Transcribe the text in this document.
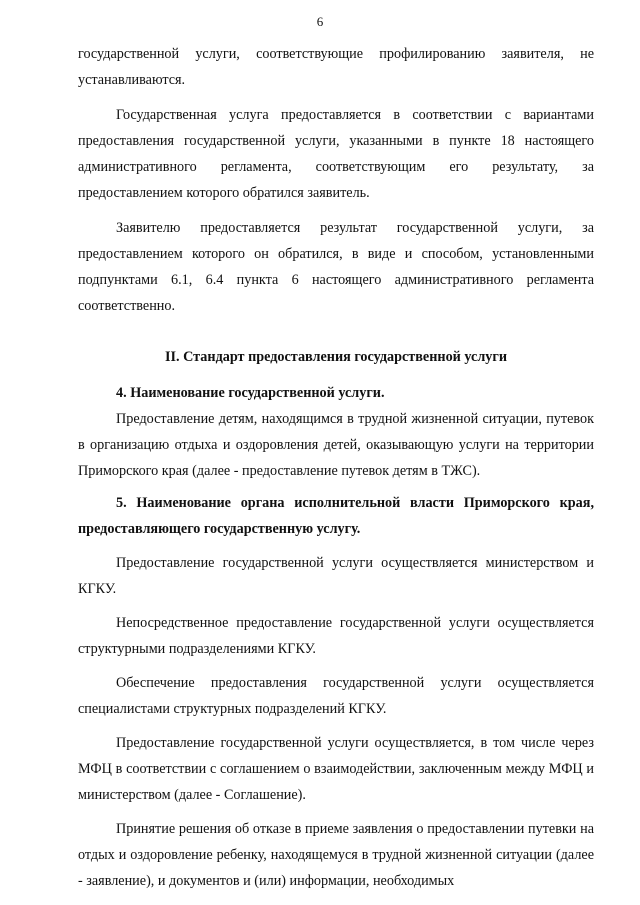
6

государственной услуги, соответствующие профилированию заявителя, не устанавливаются.

Государственная услуга предоставляется в соответствии с вариантами предоставления государственной услуги, указанными в пункте 18 настоящего административного регламента, соответствующим его результату, за предоставлением которого обратился заявитель.

Заявителю предоставляется результат государственной услуги, за предоставлением которого он обратился, в виде и способом, установленными подпунктами 6.1, 6.4 пункта 6 настоящего административного регламента соответственно.

II. Стандарт предоставления государственной услуги
4. Наименование государственной услуги.

Предоставление детям, находящимся в трудной жизненной ситуации, путевок в организацию отдыха и оздоровления детей, оказывающую услуги на территории Приморского края (далее - предоставление путевок детям в ТЖС).

5. Наименование органа исполнительной власти Приморского края, предоставляющего государственную услугу.

Предоставление государственной услуги осуществляется министерством и КГКУ.

Непосредственное предоставление государственной услуги осуществляется структурными подразделениями КГКУ.

Обеспечение предоставления государственной услуги осуществляется специалистами структурных подразделений КГКУ.

Предоставление государственной услуги осуществляется, в том числе через МФЦ в соответствии с соглашением о взаимодействии, заключенным между МФЦ и министерством (далее - Соглашение).

Принятие решения об отказе в приеме заявления о предоставлении путевки на отдых и оздоровление ребенку, находящемуся в трудной жизненной ситуации (далее - заявление), и документов и (или) информации, необходимых
